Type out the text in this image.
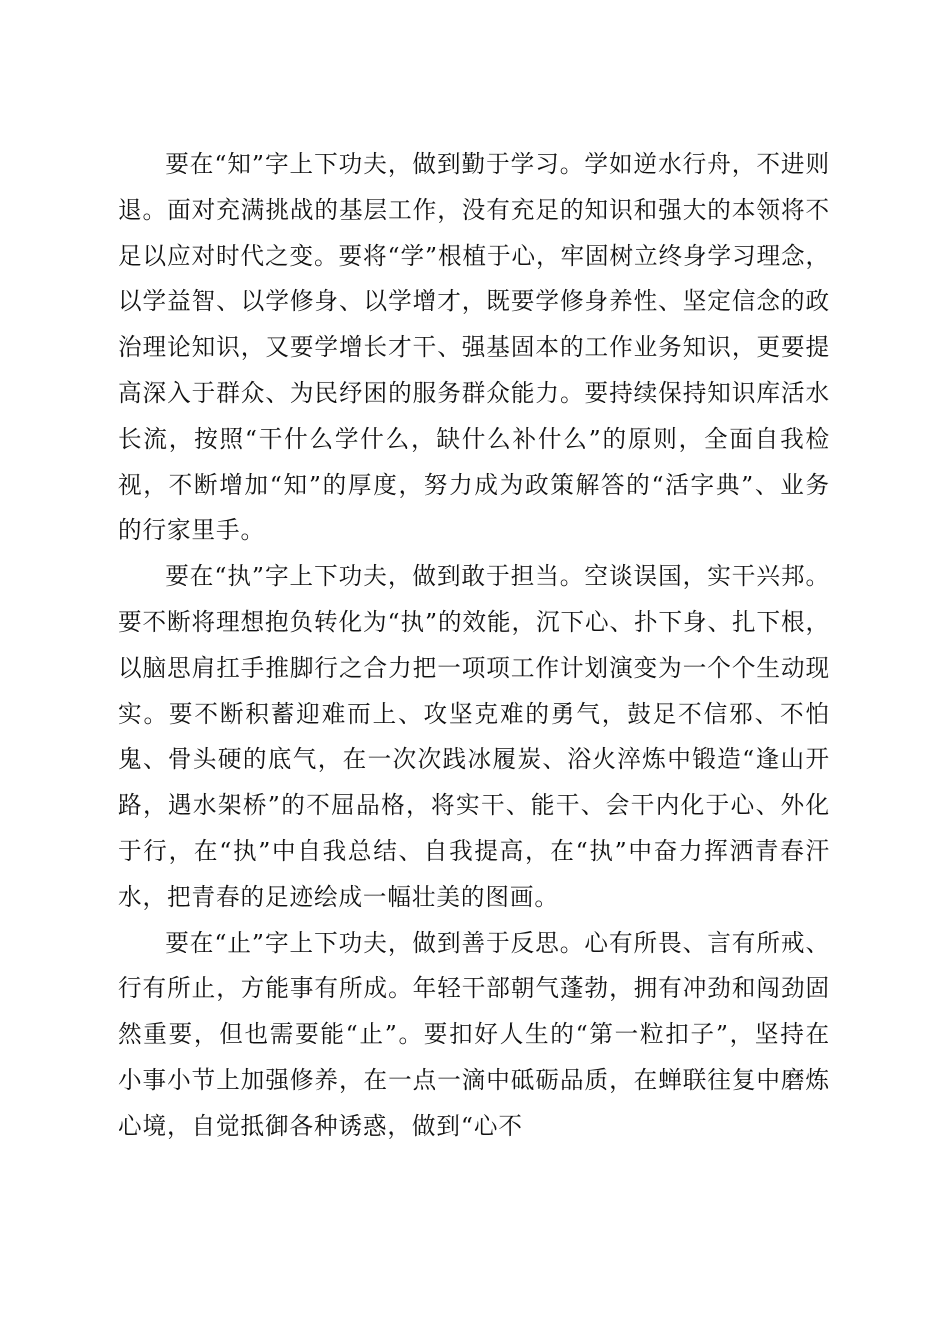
要在“知”字上下功夫，做到勤于学习。学如逆水行舟，不进则退。面对充满挑战的基层工作，没有充足的知识和强大的本领将不足以应对时代之变。要将“学”根植于心，牢固树立终身学习理念，以学益智、以学修身、以学增才，既要学修身养性、坚定信念的政治理论知识，又要学增长才干、强基固本的工作业务知识，更要提高深入于群众、为民纾困的服务群众能力。要持续保持知识库活水长流，按照“干什么学什么，缺什么补什么”的原则，全面自我检视，不断增加“知”的厚度，努力成为政策解答的“活字典”、业务的行家里手。

要在“执”字上下功夫，做到敢于担当。空谈误国，实干兴邦。要不断将理想抱负转化为“执”的效能，沉下心、扑下身、扎下根，以脑思肩扛手推脚行之合力把一项项工作计划演变为一个个生动现实。要不断积蓄迎难而上、攻坚克难的勇气，鼓足不信邪、不怕鬼、骨头硬的底气，在一次次践冰履炭、浴火淬炼中锻造“逢山开路，遇水架桥”的不屈品格，将实干、能干、会干内化于心、外化于行，在“执”中自我总结、自我提高，在“执”中奋力挥洒青春汗水，把青春的足迹绘成一幅壮美的图画。

要在“止”字上下功夫，做到善于反思。心有所畏、言有所戒、行有所止，方能事有所成。年轻干部朝气蓬勃，拥有冲劲和闯劲固然重要，但也需要能“止”。要扣好人生的“第一粒扣子”，坚持在小事小节上加强修养，在一点一滴中砥砺品质，在蝉联往复中磨炼心境，自觉抵御各种诱惑，做到“心不
